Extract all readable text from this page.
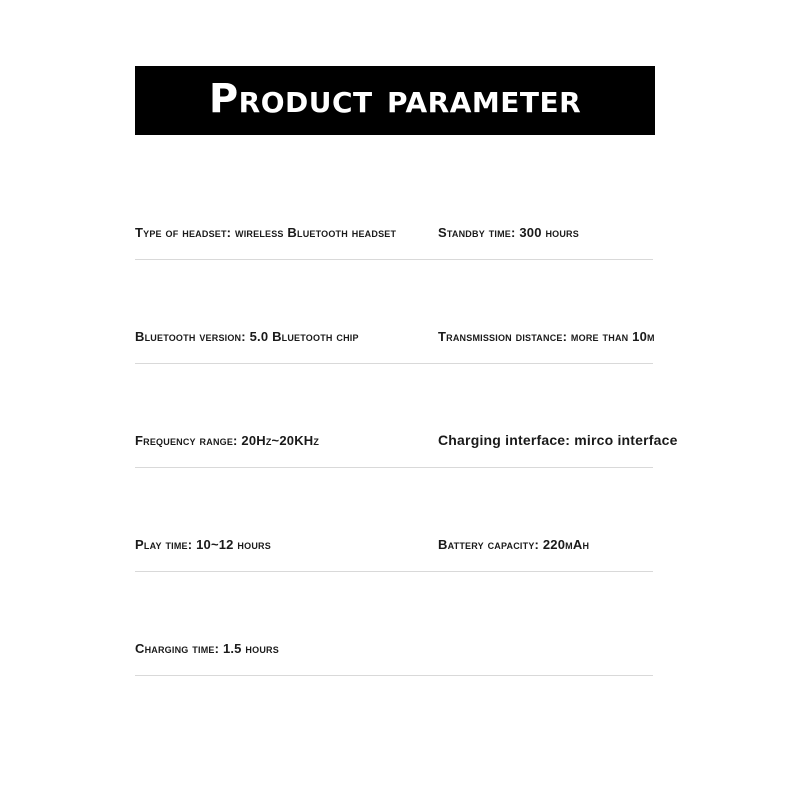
Product parameter
Type of headset: wireless Bluetooth headset	Standby time: 300 hours
Bluetooth version: 5.0 Bluetooth chip	Transmission distance: more than 10m
Frequency range: 20Hz~20KHz	Charging interface: mirco interface
Play time: 10~12 hours	Battery capacity: 220mAh
Charging time: 1.5 hours
